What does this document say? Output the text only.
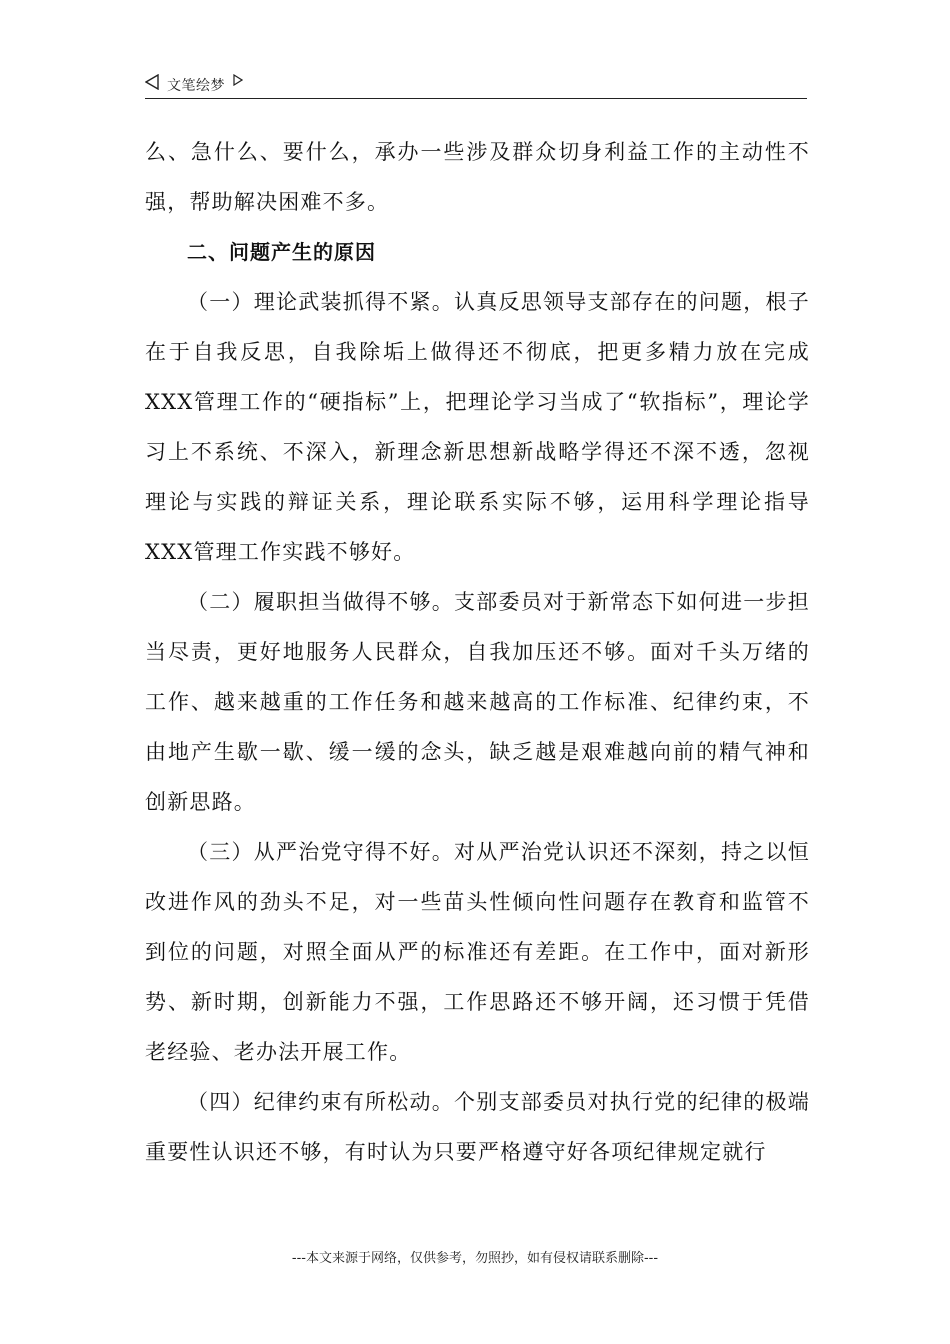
文笔绘梦

么、急什么、要什么，承办一些涉及群众切身利益工作的主动性不强，帮助解决困难不多。

二、问题产生的原因

（一）理论武装抓得不紧。认真反思领导支部存在的问题，根子在于自我反思，自我除垢上做得还不彻底，把更多精力放在完成XXX管理工作的“硬指标”上，把理论学习当成了“软指标”，理论学习上不系统、不深入，新理念新思想新战略学得还不深不透，忽视理论与实践的辩证关系，理论联系实际不够，运用科学理论指导XXX管理工作实践不够好。

（二）履职担当做得不够。支部委员对于新常态下如何进一步担当尽责，更好地服务人民群众，自我加压还不够。面对千头万绪的工作、越来越重的工作任务和越来越高的工作标准、纪律约束，不由地产生歇一歇、缓一缓的念头，缺乏越是艰难越向前的精气神和创新思路。

（三）从严治党守得不好。对从严治党认识还不深刻，持之以恒改进作风的劲头不足，对一些苗头性倾向性问题存在教育和监管不到位的问题，对照全面从严的标准还有差距。在工作中，面对新形势、新时期，创新能力不强，工作思路还不够开阔，还习惯于凭借老经验、老办法开展工作。

（四）纪律约束有所松动。个别支部委员对执行党的纪律的极端重要性认识还不够，有时认为只要严格遵守好各项纪律规定就行

---本文来源于网络，仅供参考，勿照抄，如有侵权请联系删除---
